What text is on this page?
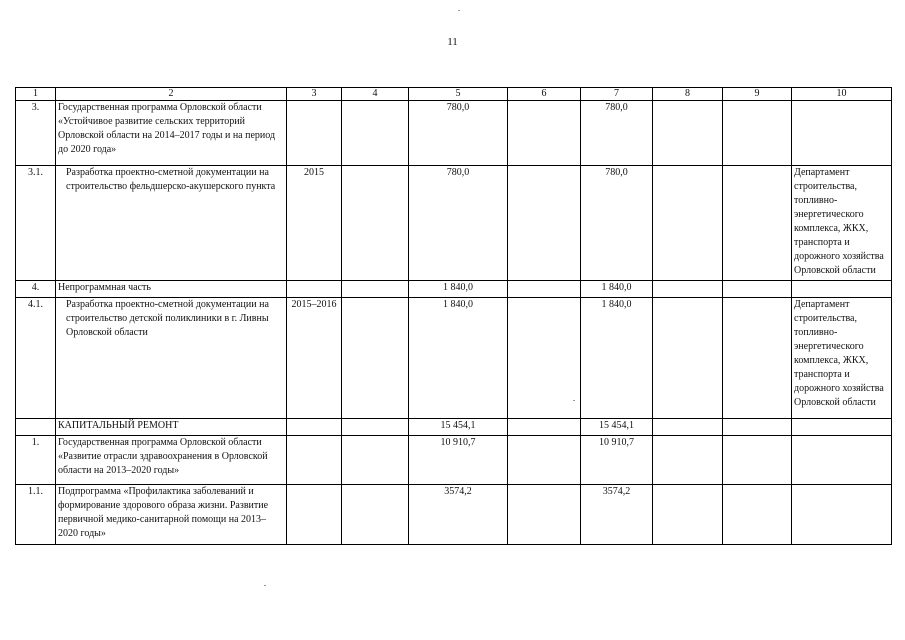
11
1	2	3	4	5	6	7	8	9	10
3.	Государственная программа Орловской области «Устойчивое развитие сельских территорий Орловской области на 2014–2017 годы и на период до 2020 года»			780,0		780,0			
3.1.	Разработка проектно-сметной документации на строительство фельдшерско-акушерского пункта	2015		780,0		780,0			Департамент строительства, топливно-энергетического комплекса, ЖКХ, транспорта и дорожного хозяйства Орловской области
4.	Непрограммная часть			1 840,0		1 840,0			
4.1.	Разработка проектно-сметной документации на строительство детской поликлиники в г. Ливны Орловской области	2015–2016		1 840,0		1 840,0			Департамент строительства, топливно-энергетического комплекса, ЖКХ, транспорта и дорожного хозяйства Орловской области
	КАПИТАЛЬНЫЙ РЕМОНТ			15 454,1		15 454,1			
1.	Государственная программа Орловской области «Развитие отрасли здравоохранения в Орловской области на 2013–2020 годы»			10 910,7		10 910,7			
1.1.	Подпрограмма «Профилактика заболеваний и формирование здорового образа жизни. Развитие первичной медико-санитарной помощи на 2013–2020 годы»			3574,2		3574,2			
